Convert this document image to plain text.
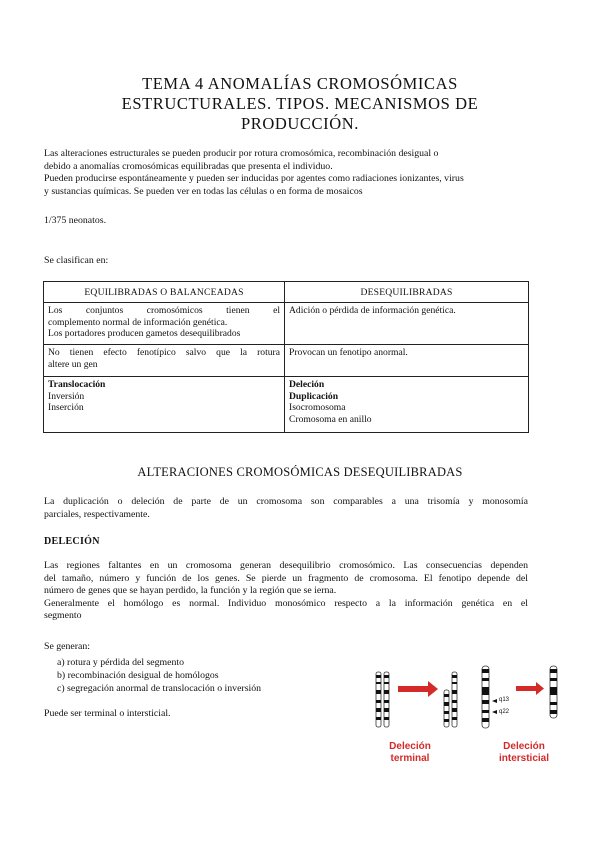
TEMA 4 ANOMALÍAS CROMOSÓMICAS
ESTRUCTURALES. TIPOS. MECANISMOS DE
PRODUCCIÓN.
Las alteraciones estructurales se pueden producir por rotura cromosómica, recombinación desigual o
debido a anomalías cromosómicas equilibradas que presenta el individuo.
Pueden producirse espontáneamente y pueden ser inducidas por agentes como radiaciones ionizantes, virus
y sustancias químicas. Se pueden ver en todas las células o en forma de mosaicos
1/375 neonatos.
Se clasifican en:
EQUILIBRADAS O BALANCEADAS	DESEQUILIBRADAS

Los conjuntos cromosómicos tienen el
complemento normal de información genética.
Los portadores producen gametos desequilibrados	Adición o pérdida de información genética.

No tienen efecto fenotípico salvo que la rotura
altere un gen	Provocan un fenotipo anormal.

Translocación
Inversión
Inserción	Deleción
Duplicación
Isocromosoma
Cromosoma en anillo
ALTERACIONES CROMOSÓMICAS DESEQUILIBRADAS
La duplicación o deleción de parte de un cromosoma son comparables a una trisomía y monosomía
parciales, respectivamente.
DELECIÓN
Las regiones faltantes en un cromosoma generan desequilibrio cromosómico. Las consecuencias dependen
del tamaño, número y función de los genes. Se pierde un fragmento de cromosoma. El fenotipo depende del
número de genes que se hayan perdido, la función y la región que se ierna.
Generalmente el homólogo es normal. Individuo monosómico respecto a la información genética en el
segmento
Se generan:
a) rotura y pérdida del segmento
b) recombinación desigual de homólogos
c) segregación anormal de translocación o inversión
Puede ser terminal o intersticial.
q13
q22
Deleción
terminal
Deleción
intersticial
